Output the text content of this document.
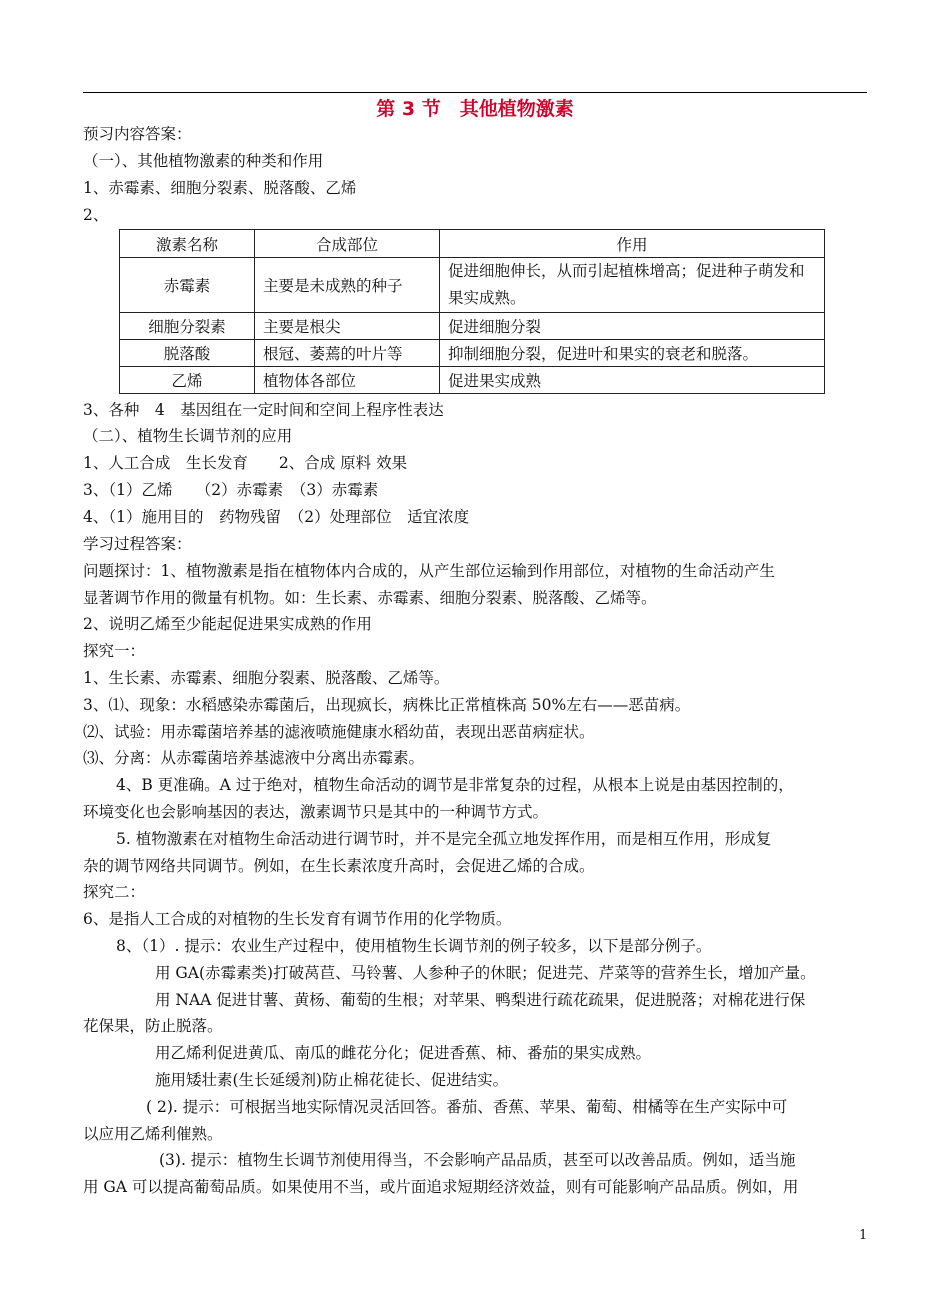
第 3 节　其他植物激素
预习内容答案：
（一）、其他植物激素的种类和作用
1、赤霉素、细胞分裂素、脱落酸、乙烯
2、
激素名称	合成部位	作用
赤霉素	主要是未成熟的种子	促进细胞伸长，从而引起植株增高；促进种子萌发和果实成熟。
细胞分裂素	主要是根尖	促进细胞分裂
脱落酸	根冠、萎蔫的叶片等	抑制细胞分裂，促进叶和果实的衰老和脱落。
乙烯	植物体各部位	促进果实成熟
3、各种　4　基因组在一定时间和空间上程序性表达
（二）、植物生长调节剂的应用
1、人工合成　生长发育　　2、合成 原料 效果
3、（1）乙烯　　（2）赤霉素　（3）赤霉素
4、（1）施用目的　药物残留　（2）处理部位　适宜浓度
学习过程答案：
问题探讨：1、植物激素是指在植物体内合成的，从产生部位运输到作用部位，对植物的生命活动产生
显著调节作用的微量有机物。如：生长素、赤霉素、细胞分裂素、脱落酸、乙烯等。
2、说明乙烯至少能起促进果实成熟的作用
探究一：
1、生长素、赤霉素、细胞分裂素、脱落酸、乙烯等。
3、⑴、现象：水稻感染赤霉菌后，出现疯长，病株比正常植株高 50%左右——恶苗病。
⑵、试验：用赤霉菌培养基的滤液喷施健康水稻幼苗，表现出恶苗病症状。
⑶、分离：从赤霉菌培养基滤液中分离出赤霉素。
4、B 更准确。A 过于绝对，植物生命活动的调节是非常复杂的过程，从根本上说是由基因控制的，
环境变化也会影响基因的表达，激素调节只是其中的一种调节方式。
5. 植物激素在对植物生命活动进行调节时，并不是完全孤立地发挥作用，而是相互作用，形成复
杂的调节网络共同调节。例如，在生长素浓度升高时，会促进乙烯的合成。
探究二：
6、是指人工合成的对植物的生长发育有调节作用的化学物质。
8、（1）. 提示：农业生产过程中，使用植物生长调节剂的例子较多，以下是部分例子。
用 GA(赤霉素类)打破莴苣、马铃薯、人参种子的休眠；促进芫、芹菜等的营养生长，增加产量。
用 NAA 促进甘薯、黄杨、葡萄的生根；对苹果、鸭梨进行疏花疏果，促进脱落；对棉花进行保
花保果，防止脱落。
用乙烯利促进黄瓜、南瓜的雌花分化；促进香蕉、柿、番茄的果实成熟。
施用矮壮素(生长延缓剂)防止棉花徒长、促进结实。
( 2). 提示：可根据当地实际情况灵活回答。番茄、香蕉、苹果、葡萄、柑橘等在生产实际中可
以应用乙烯利催熟。
(3). 提示：植物生长调节剂使用得当，不会影响产品品质，甚至可以改善品质。例如，适当施
用 GA 可以提高葡萄品质。如果使用不当，或片面追求短期经济效益，则有可能影响产品品质。例如，用
1
